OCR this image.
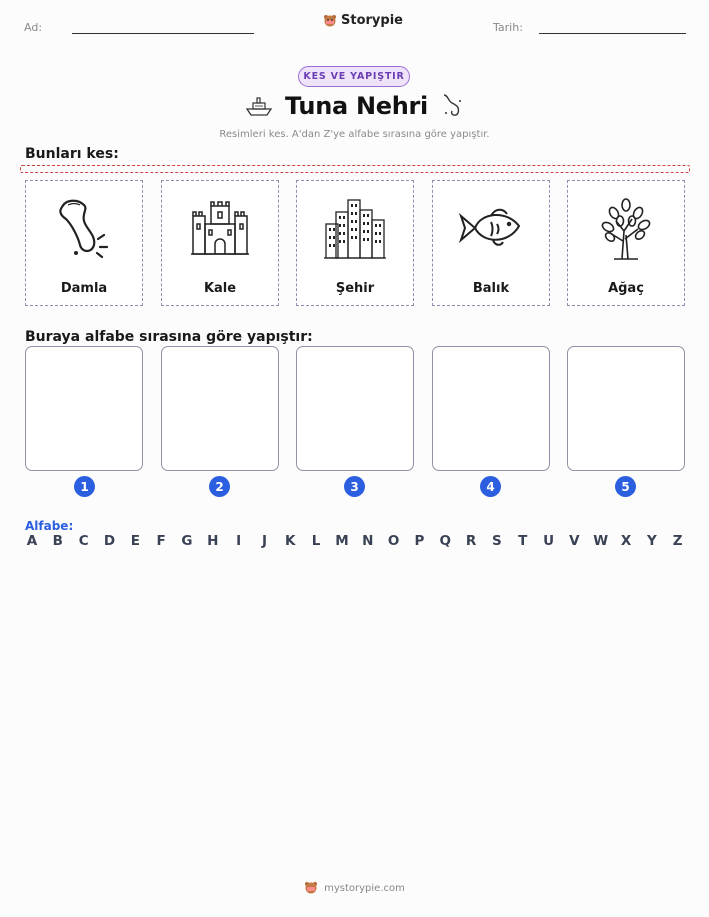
Ad:	Storypie	Tarih:
KES VE YAPIŞTIR
Tuna Nehri
Resimleri kes. A'dan Z'ye alfabe sırasına göre yapıştır.
Bunları kes:
Damla	Kale	Şehir	Balık	Ağaç
Buraya alfabe sırasına göre yapıştır:
1	2	3	4	5
Alfabe:
A B C D E F G H	I	J	K L M N O P Q R S T U V W X Y Z
mystorypie.com
